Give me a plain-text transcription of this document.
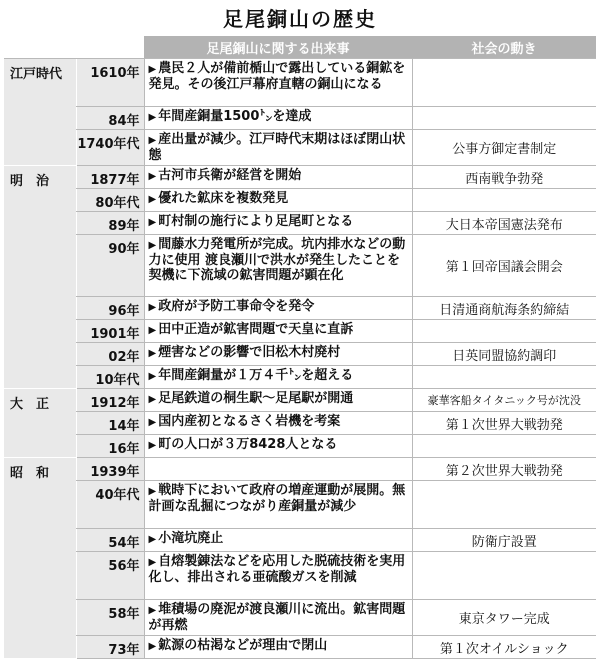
足尾銅山の歴史
		足尾銅山に関する出来事	社会の動き
江戸時代	1610年	▶ 農民２人が備前楯山で露出している銅鉱を発見。その後江戸幕府直轄の銅山になる	
	84年	▶ 年間産銅量1500㌧を達成	
	1740年代	▶ 産出量が減少。江戸時代末期はほぼ閉山状態	公事方御定書制定
明　治	1877年	▶ 古河市兵衛が経営を開始	西南戦争勃発
	80年代	▶ 優れた鉱床を複数発見	
	89年	▶ 町村制の施行により足尾町となる	大日本帝国憲法発布
	90年	▶ 間藤水力発電所が完成。坑内排水などの動力に使用 渡良瀬川で洪水が発生したことを契機に下流域の鉱害問題が顕在化	第１回帝国議会開会
	96年	▶ 政府が予防工事命令を発令	日清通商航海条約締結
	1901年	▶ 田中正造が鉱害問題で天皇に直訴	
	02年	▶ 煙害などの影響で旧松木村廃村	日英同盟協約調印
	10年代	▶ 年間産銅量が１万４千㌧を超える	
大　正	1912年	▶ 足尾鉄道の桐生駅～足尾駅が開通	豪華客船タイタニック号が沈没
	14年	▶ 国内産初となるさく岩機を考案	第１次世界大戦勃発
	16年	▶ 町の人口が３万8428人となる	
昭　和	1939年		第２次世界大戦勃発
	40年代	▶ 戦時下において政府の増産運動が展開。無計画な乱掘につながり産銅量が減少	
	54年	▶ 小滝坑廃止	防衛庁設置
	56年	▶ 自熔製錬法などを応用した脱硫技術を実用化し、排出される亜硫酸ガスを削減	
	58年	▶ 堆積場の廃泥が渡良瀬川に流出。鉱害問題が再燃	東京タワー完成
	73年	▶ 鉱源の枯渇などが理由で閉山	第１次オイルショック
